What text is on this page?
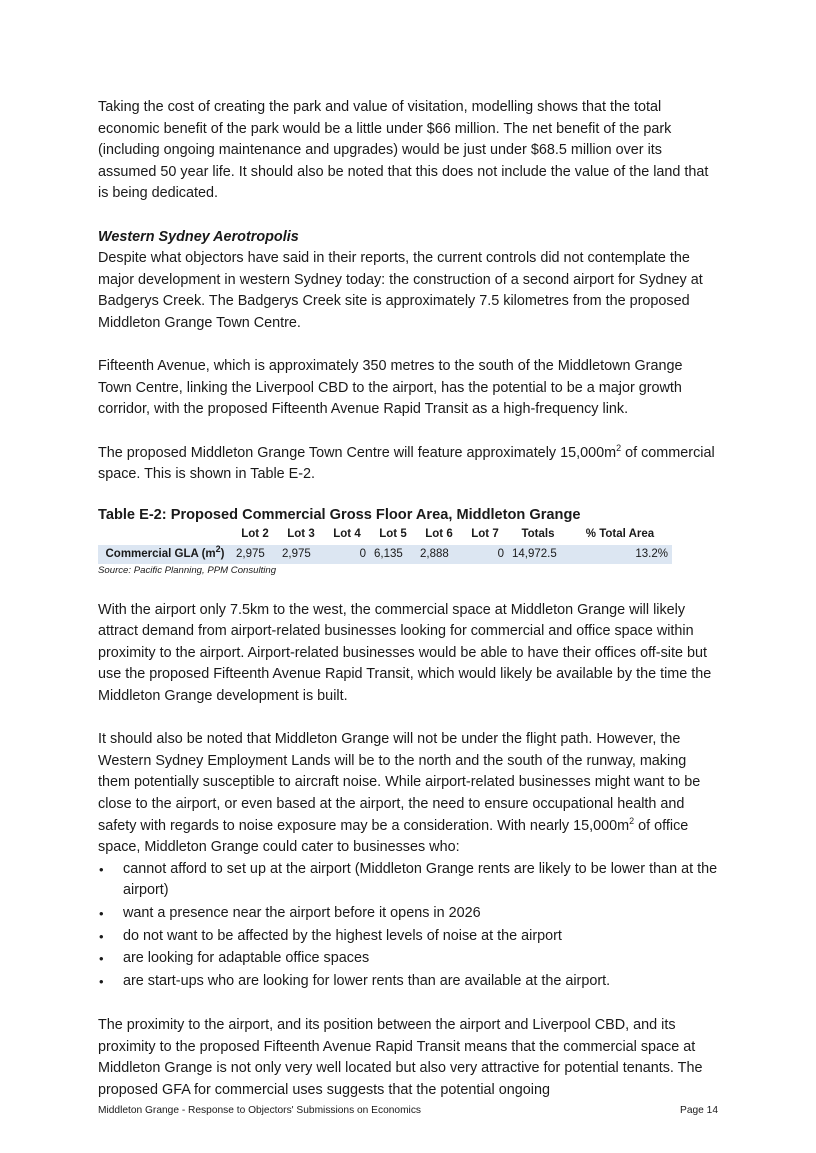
Taking the cost of creating the park and value of visitation, modelling shows that the total economic benefit of the park would be a little under $66 million. The net benefit of the park (including ongoing maintenance and upgrades) would be just under $68.5 million over its assumed 50 year life. It should also be noted that this does not include the value of the land that is being dedicated.

Western Sydney Aerotropolis

Despite what objectors have said in their reports, the current controls did not contemplate the major development in western Sydney today: the construction of a second airport for Sydney at Badgerys Creek. The Badgerys Creek site is approximately 7.5 kilometres from the proposed Middleton Grange Town Centre.

Fifteenth Avenue, which is approximately 350 metres to the south of the Middletown Grange Town Centre, linking the Liverpool CBD to the airport, has the potential to be a major growth corridor, with the proposed Fifteenth Avenue Rapid Transit as a high-frequency link.

The proposed Middleton Grange Town Centre will feature approximately $15,000m^2$ of commercial space. This is shown in Table E-2.

Table E-2: Proposed Commercial Gross Floor Area, Middleton Grange
	Lot 2	Lot 3	Lot 4	Lot 5	Lot 6	Lot 7	Totals	% Total Area
Commercial GLA $(m^2)$	2,975	2,975	0	6,135	2,888	0	14,972.5	13.2%
Source: Pacific Planning, PPM Consulting

With the airport only 7.5km to the west, the commercial space at Middleton Grange will likely attract demand from airport-related businesses looking for commercial and office space within proximity to the airport. Airport-related businesses would be able to have their offices off-site but use the proposed Fifteenth Avenue Rapid Transit, which would likely be available by the time the Middleton Grange development is built.

It should also be noted that Middleton Grange will not be under the flight path. However, the Western Sydney Employment Lands will be to the north and the south of the runway, making them potentially susceptible to aircraft noise. While airport-related businesses might want to be close to the airport, or even based at the airport, the need to ensure occupational health and safety with regards to noise exposure may be a consideration. With nearly $15,000m^2$ of office space, Middleton Grange could cater to businesses who:

• cannot afford to set up at the airport (Middleton Grange rents are likely to be lower than at the airport)
• want a presence near the airport before it opens in 2026
• do not want to be affected by the highest levels of noise at the airport
• are looking for adaptable office spaces
• are start-ups who are looking for lower rents than are available at the airport.

The proximity to the airport, and its position between the airport and Liverpool CBD, and its proximity to the proposed Fifteenth Avenue Rapid Transit means that the commercial space at Middleton Grange is not only very well located but also very attractive for potential tenants. The proposed GFA for commercial uses suggests that the potential ongoing

Middleton Grange - Response to Objectors' Submissions on Economics	Page 14
